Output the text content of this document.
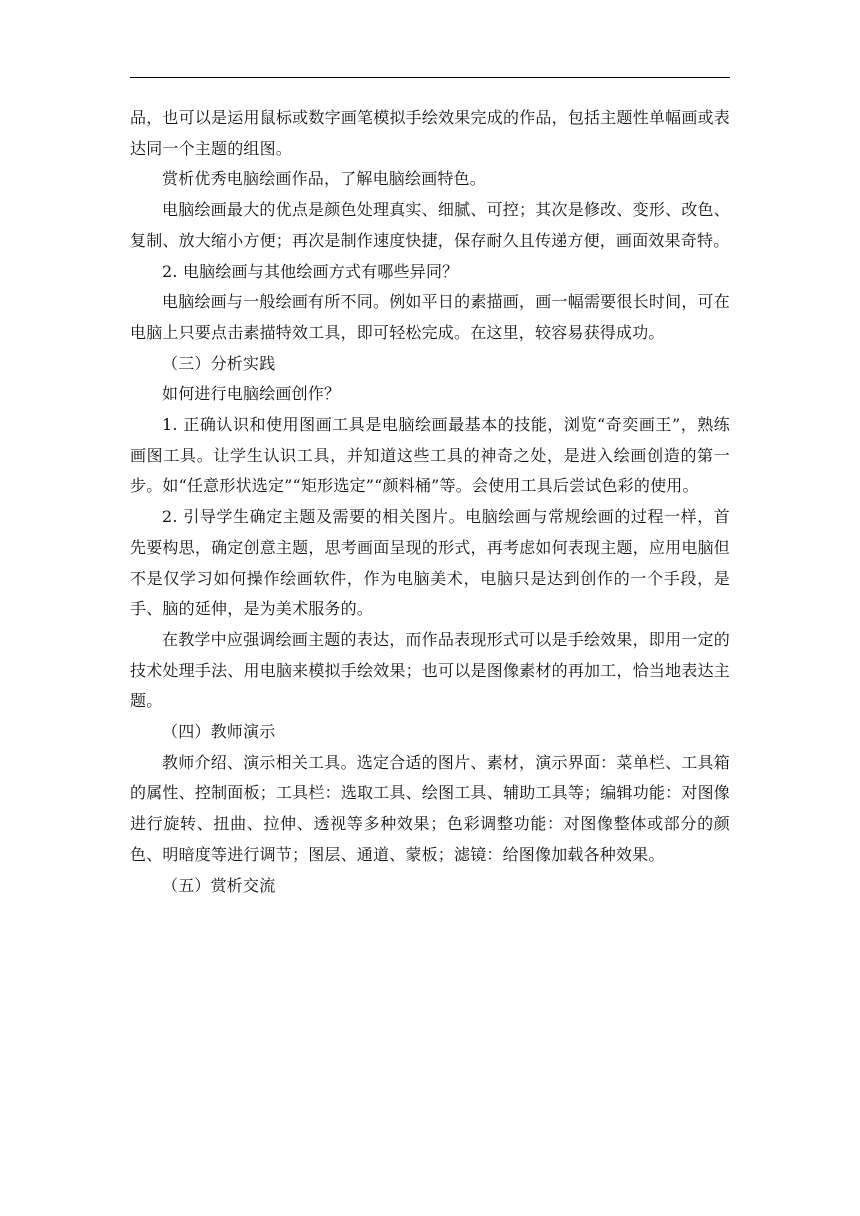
品，也可以是运用鼠标或数字画笔模拟手绘效果完成的作品，包括主题性单幅画或表达同一个主题的组图。

赏析优秀电脑绘画作品，了解电脑绘画特色。

电脑绘画最大的优点是颜色处理真实、细腻、可控；其次是修改、变形、改色、复制、放大缩小方便；再次是制作速度快捷，保存耐久且传递方便，画面效果奇特。

2. 电脑绘画与其他绘画方式有哪些异同？

电脑绘画与一般绘画有所不同。例如平日的素描画，画一幅需要很长时间，可在电脑上只要点击素描特效工具，即可轻松完成。在这里，较容易获得成功。

（三）分析实践

如何进行电脑绘画创作？

1. 正确认识和使用图画工具是电脑绘画最基本的技能，浏览“奇奕画王”，熟练画图工具。让学生认识工具，并知道这些工具的神奇之处，是进入绘画创造的第一步。如“任意形状选定”“矩形选定”“颜料桶”等。会使用工具后尝试色彩的使用。

2. 引导学生确定主题及需要的相关图片。电脑绘画与常规绘画的过程一样，首先要构思，确定创意主题，思考画面呈现的形式，再考虑如何表现主题，应用电脑但不是仅学习如何操作绘画软件，作为电脑美术，电脑只是达到创作的一个手段，是手、脑的延伸，是为美术服务的。

在教学中应强调绘画主题的表达，而作品表现形式可以是手绘效果，即用一定的技术处理手法、用电脑来模拟手绘效果；也可以是图像素材的再加工，恰当地表达主题。

（四）教师演示

教师介绍、演示相关工具。选定合适的图片、素材，演示界面：菜单栏、工具箱的属性、控制面板；工具栏：选取工具、绘图工具、辅助工具等；编辑功能：对图像进行旋转、扭曲、拉伸、透视等多种效果；色彩调整功能：对图像整体或部分的颜色、明暗度等进行调节；图层、通道、蒙板；滤镜：给图像加载各种效果。

（五）赏析交流
